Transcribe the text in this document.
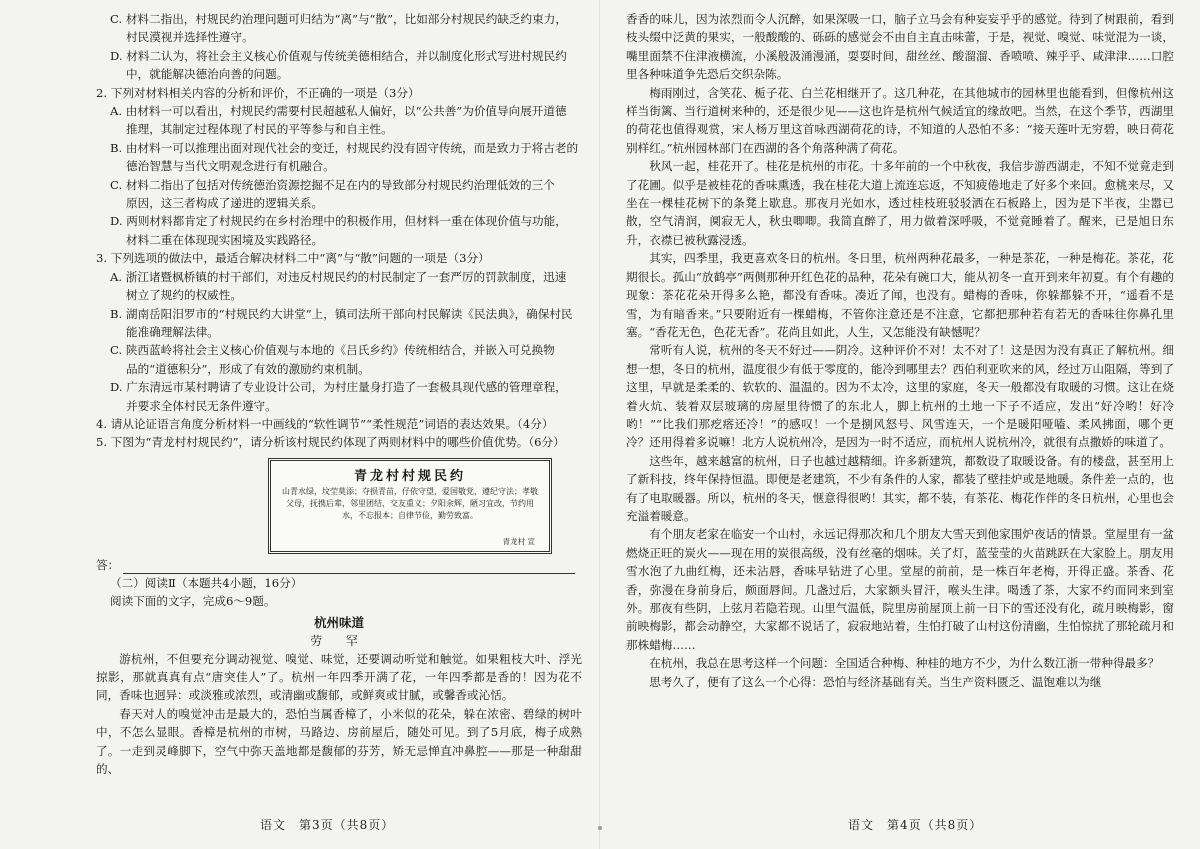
C. 材料二指出，村规民约治理问题可归结为“离”与“散”，比如部分村规民约缺乏约束力，
村民漠视并选择性遵守。

D. 材料二认为，将社会主义核心价值观与传统美德相结合，并以制度化形式写进村规民约
中，就能解决德治向善的问题。

2. 下列对材料相关内容的分析和评价，不正确的一项是（3分）

A. 由材料一可以看出，村规民约需要村民超越私人偏好，以“公共善”为价值导向展开道德
推理，其制定过程体现了村民的平等参与和自主性。

B. 由材料一可以推理出面对现代社会的变迁，村规民约没有固守传统，而是致力于将古老的
德治智慧与当代文明观念进行有机融合。

C. 材料二指出了包括对传统德治资源挖掘不足在内的导致部分村规民约治理低效的三个
原因，这三者构成了递进的逻辑关系。

D. 两则材料都肯定了村规民约在乡村治理中的积极作用，但材料一重在体现价值与功能，
材料二重在体现现实困境及实践路径。

3. 下列选项的做法中，最适合解决材料二中“离”与“散”问题的一项是（3分）

A. 浙江诸暨枫桥镇的村干部们，对违反村规民约的村民制定了一套严厉的罚款制度，迅速
树立了规约的权威性。

B. 湖南岳阳汨罗市的“村规民约大讲堂”上，镇司法所干部向村民解读《民法典》，确保村民
能准确理解法律。

C. 陕西蓝岭将社会主义核心价值观与本地的《吕氏乡约》传统相结合，并嵌入可兑换物
品的“道德积分”，形成了有效的激励约束机制。

D. 广东清远市某村聘请了专业设计公司，为村庄量身打造了一套极具现代感的管理章程，
并要求全体村民无条件遵守。

4. 请从论证语言角度分析材料一中画线的“软性调节”“柔性规范”词语的表达效果。（4分）

5. 下图为“青龙村村规民约”，请分析该村规民约体现了两则材料中的哪些价值优势。（6分）

青龙村村规民约
山青水绿，坟茔莫添；夺损青苗，仔依守望，爱国敬党，遵纪守法；孝敬父母，抚携后辈，邻里团结，交友重义；夕阳余辉，陋习宜改，节约用水，不忘报本；自律节俭，勤劳致富。
青龙村 宣

答：

（二）阅读Ⅱ（本题共4小题，16分）

阅读下面的文字，完成6～9题。

杭州味道

劳 罕

游杭州，不但要充分调动视觉、嗅觉、味觉，还要调动听觉和触觉。如果粗枝大叶、浮光掠影，那就真真有点“唐突佳人”了。杭州一年四季开满了花，一年四季都是香的！因为花不同，香味也迥异：或淡雅或浓烈，或清幽或馥郁，或鲜爽或甘腻，或馨香或沁恬。

春天对人的嗅觉冲击是最大的，恐怕当属香樟了，小米似的花朵，躲在浓密、碧绿的树叶中，不怎么显眼。香樟是杭州的市树，马路边、房前屋后，随处可见。到了5月底，梅子成熟了。一走到灵峰脚下，空气中弥天盖地都是馥郁的芬芳，矫无忌惮直冲鼻腔——那是一种甜甜的、

语文　第3页（共8页）

香香的味儿，因为浓烈而令人沉醉，如果深吸一口，脑子立马会有种妄妄乎乎的感觉。待到了树跟前，看到枝头缀中泛黄的果实，一般酸酸的、砾砾的感觉会不由自主直击味蕾，于是，视觉、嗅觉、味觉混为一谈，嘴里面禁不住津液横流，小溪般汲涌漫涌，耍耍时间，甜丝丝、酸溜溜、香喷喷、辣乎乎、咸津津……口腔里各种味道争先恐后交织杂陈。

梅雨刚过，含笑花、栀子花、白兰花相继开了。这几种花，在其他城市的园林里也能看到，但像杭州这样当街篱、当行道树来种的，还是很少见——这也许是杭州气候适宜的缘故吧。当然，在这个季节，西湖里的荷花也值得观赏，宋人杨万里这首咏西湖荷花的诗，不知道的人恐怕不多：“接天莲叶无穷碧，映日荷花别样红。”杭州园林部门在西湖的各个角落种满了荷花。

秋风一起，桂花开了。桂花是杭州的市花。十多年前的一个中秋夜，我信步游西湖走，不知不觉竟走到了花圃。似乎是被桂花的香味熏透，我在桂花大道上流连忘返，不知疲倦地走了好多个来回。愈桃来尽，又坐在一棵桂花树下的条凳上歇息。那夜月光如水，透过桂枝班驳驳洒在石板路上，因为是下半夜，尘嚣已散，空气清润，阒寂无人，秋虫唧唧。我简直醉了，用力做着深呼吸，不觉竟睡着了。醒来，已是旭日东升，衣襟已被秋露浸透。

其实，四季里，我更喜欢冬日的杭州。冬日里，杭州两种花最多，一种是茶花，一种是梅花。茶花，花期很长。孤山“放鹤亭”两侧那种开红色花的品种，花朵有碗口大，能从初冬一直开到来年初夏。有个有趣的现象：茶花花朵开得多么艳，都没有香味。凑近了闻，也没有。蜡梅的香味，你躲都躲不开，“遥看不是雪，为有暗香来。”只要附近有一棵蜡梅，不管你注意还是不注意，它都把那种若有若无的香味往你鼻孔里塞。“香花无色，色花无香”。花尚且如此，人生，又怎能没有缺憾呢？

常听有人说，杭州的冬天不好过——阴冷。这种评价不对！太不对了！这是因为没有真正了解杭州。细想一想，冬日的杭州，温度很少有低于零度的，能冷到哪里去？西伯利亚吹来的风，经过万山阻隔，等到了这里，早就是柔柔的、软软的、温温的。因为不太冷，这里的家庭，冬天一般都没有取暖的习惯。这让在烧着火炕、装着双层玻璃的房屋里待惯了的东北人，脚上杭州的土地一下子不适应，发出“好冷哟！好冷哟！”“比我们那疙瘩还冷！”的感叹！一个是捌风怒号、风雪连天，一个是暖阳哑嗑、柔风拂面，哪个更冷？还用得着多说嘛！北方人说杭州冷，是因为一时不适应，而杭州人说杭州冷，就很有点撒娇的味道了。

这些年，越来越富的杭州，日子也越过越精细。许多新建筑，都数设了取暖设备。有的楼盘，甚至用上了新科技，终年保持恒温。即便是老建筑，不少有条件的人家，都装了壁挂炉或是地暖。条件差一点的，也有了电取暖器。所以，杭州的冬天，惬意得很哟！其实，都不装，有茶花、梅花作伴的冬日杭州，心里也会充溢着暖意。

有个朋友老家在临安一个山村，永远记得那次和几个朋友大雪天到他家围炉夜话的情景。堂屋里有一盆燃烧正旺的炭火——现在用的炭很高级，没有丝毫的烟味。关了灯，蓝莹莹的火苗跳跃在大家脸上。朋友用雪水泡了九曲红梅，还未沾唇，香味早钻进了心里。堂屋的前前，是一株百年老梅，开得正盛。茶香、花香，弥漫在身前身后，颇面唇间。几盏过后，大家额头冒汗，喉头生津。喝透了茶，大家不约而同来到室外。那夜有些阴，上弦月若隐若现。山里气温低，院里房前屋顶上前一日下的雪还没有化，疏月映梅影，窗前映梅影，都会动静空，大家都不说话了，寂寂地站着，生怕打破了山村这份清幽，生怕惊扰了那轮疏月和那株蜡梅……

在杭州，我总在思考这样一个问题：全国适合种梅、种桂的地方不少，为什么数江浙一带种得最多？

思考久了，便有了这么一个心得：恐怕与经济基础有关。当生产资料匮乏、温饱难以为继

语文　第4页（共8页）
